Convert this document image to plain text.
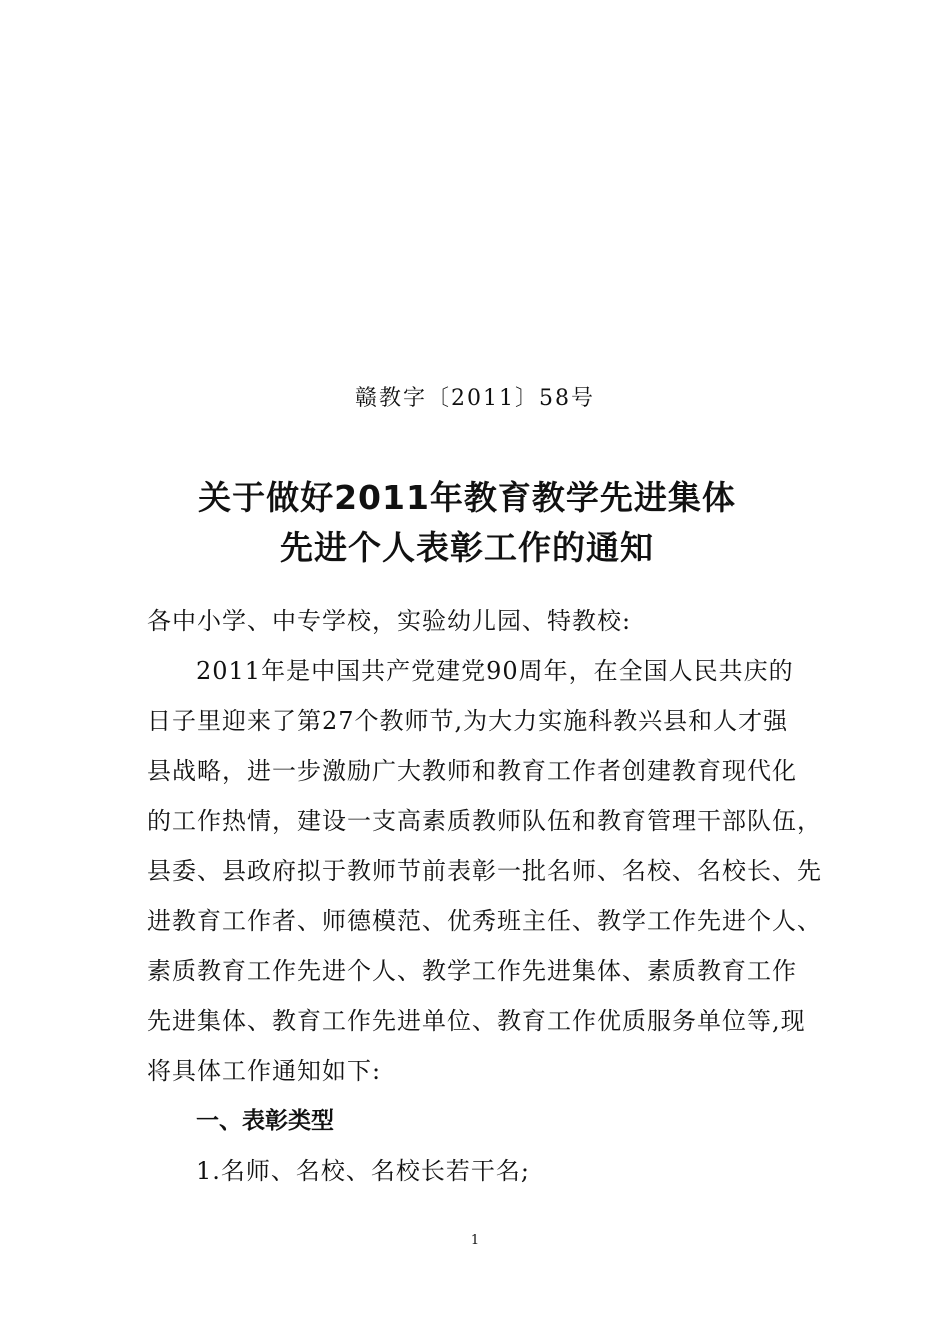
赣教字〔2011〕58号
关于做好2011年教育教学先进集体
先进个人表彰工作的通知
各中小学、中专学校，实验幼儿园、特教校:
2011年是中国共产党建党90周年，在全国人民共庆的
日子里迎来了第27个教师节,为大力实施科教兴县和人才强
县战略，进一步激励广大教师和教育工作者创建教育现代化
的工作热情，建设一支高素质教师队伍和教育管理干部队伍，
县委、县政府拟于教师节前表彰一批名师、名校、名校长、先
进教育工作者、师德模范、优秀班主任、教学工作先进个人、
素质教育工作先进个人、教学工作先进集体、素质教育工作
先进集体、教育工作先进单位、教育工作优质服务单位等,现
将具体工作通知如下:
一、表彰类型
1.名师、名校、名校长若干名;
1
